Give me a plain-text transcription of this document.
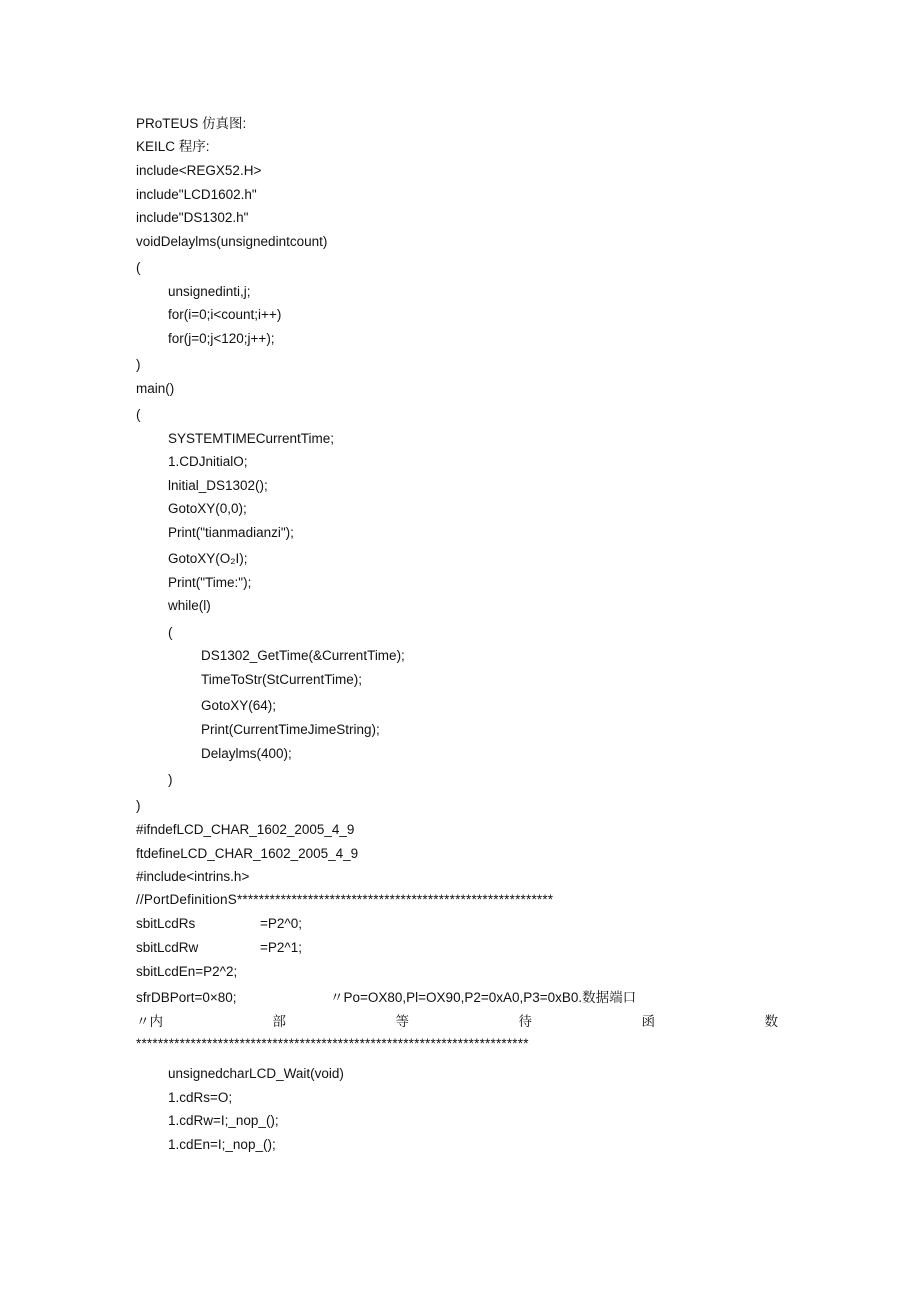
PRoTEUS 仿真图:
KEILC 程序:
include<REGX52.H>
include"LCD1602.h"
include"DS1302.h"
voidDelaylms(unsignedintcount)
(
unsignedinti,j;
for(i=0;i<count;i++)
for(j=0;j<120;j++);
)
main()
(
SYSTEMTIMECurrentTime;
1.CDJnitialO;
lnitial_DS1302();
GotoXY(0,0);
Print("tianmadianzi");
GotoXY(O₂I);
Print("Time:");
while(l)
(
DS1302_GetTime(&CurrentTime);
TimeToStr(StCurrentTime);
GotoXY(64);
Print(CurrentTimeJimeString);
Delaylms(400);
)
)
#ifndefLCD_CHAR_1602_2005_4_9
ftdefineLCD_CHAR_1602_2005_4_9
#include<intrins.h>
//PortDefinitionS**********************************************************
sbitLcdRs	=P2^0;
sbitLcdRw	=P2^1;
sbitLcdEn=P2^2;
sfrDBPort=0×80;	〃Po=OX80,Pl=OX90,P2=0xA0,P3=0xB0.数据端口
〃内	部	等	待	函	数
************************************************************************
unsignedcharLCD_Wait(void)
1.cdRs=O;
1.cdRw=I;_nop_();
1.cdEn=I;_nop_();
